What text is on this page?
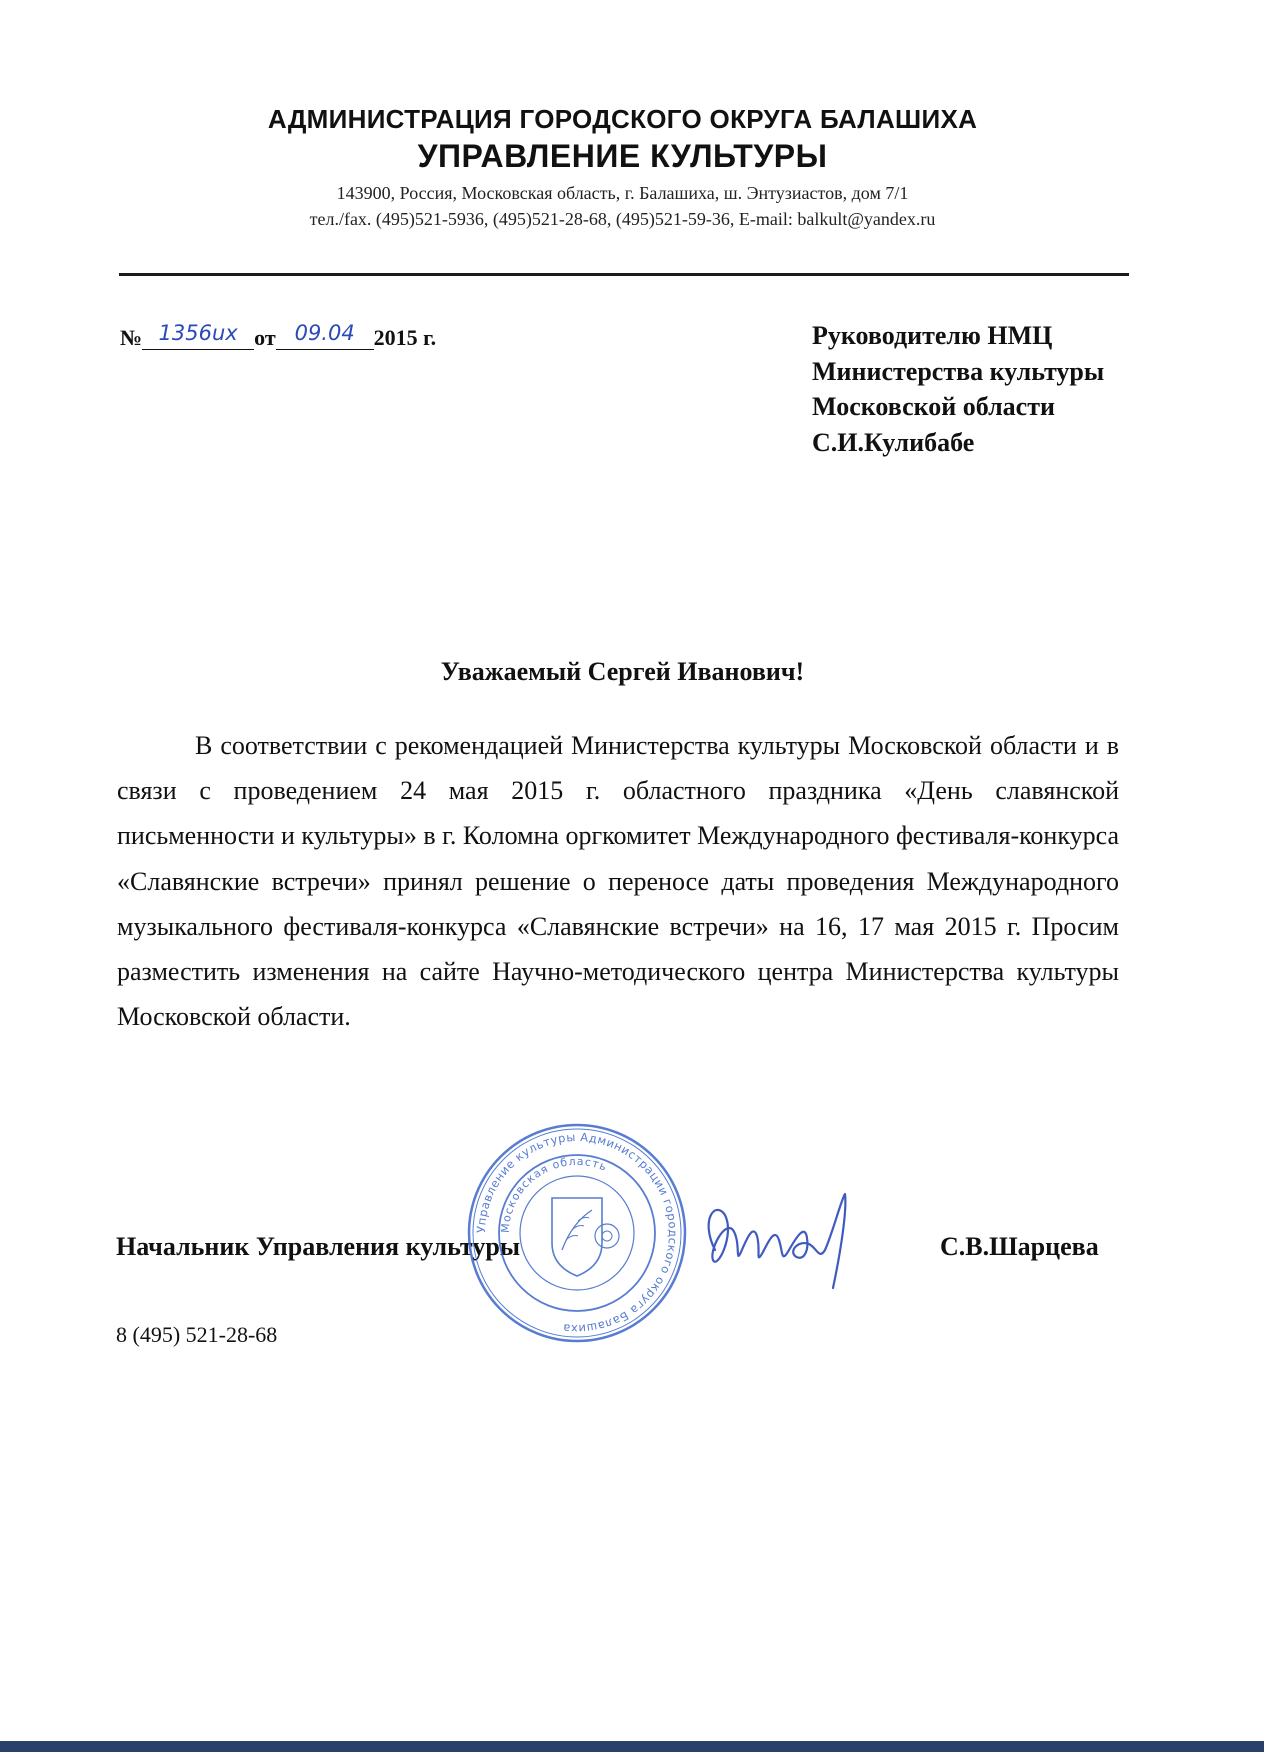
АДМИНИСТРАЦИЯ ГОРОДСКОГО ОКРУГА БАЛАШИХА
УПРАВЛЕНИЕ КУЛЬТУРЫ
143900, Россия, Московская область, г. Балашиха, ш. Энтузиастов, дом 7/1
тел./fax. (495)521-5936, (495)521-28-68, (495)521-59-36, E-mail: balkult@yandex.ru
№ 1356ux от 09.04 2015 г.	Руководителю НМЦ
Министерства культуры
Московской области
С.И.Кулибабе
Уважаемый Сергей Иванович!

В соответствии с рекомендацией Министерства культуры Московской области и в связи с проведением 24 мая 2015 г. областного праздника «День славянской письменности и культуры» в г. Коломна оргкомитет Международного фестиваля-конкурса «Славянские встречи» принял решение о переносе даты проведения Международного музыкального фестиваля-конкурса «Славянские встречи» на 16, 17 мая 2015 г. Просим разместить изменения на сайте Научно-методического центра Министерства культуры Московской области.

Начальник Управления культуры
Управление культуры Администрации городского округа Балашиха
Московская область
С.В.Шарцева
8 (495) 521-28-68
